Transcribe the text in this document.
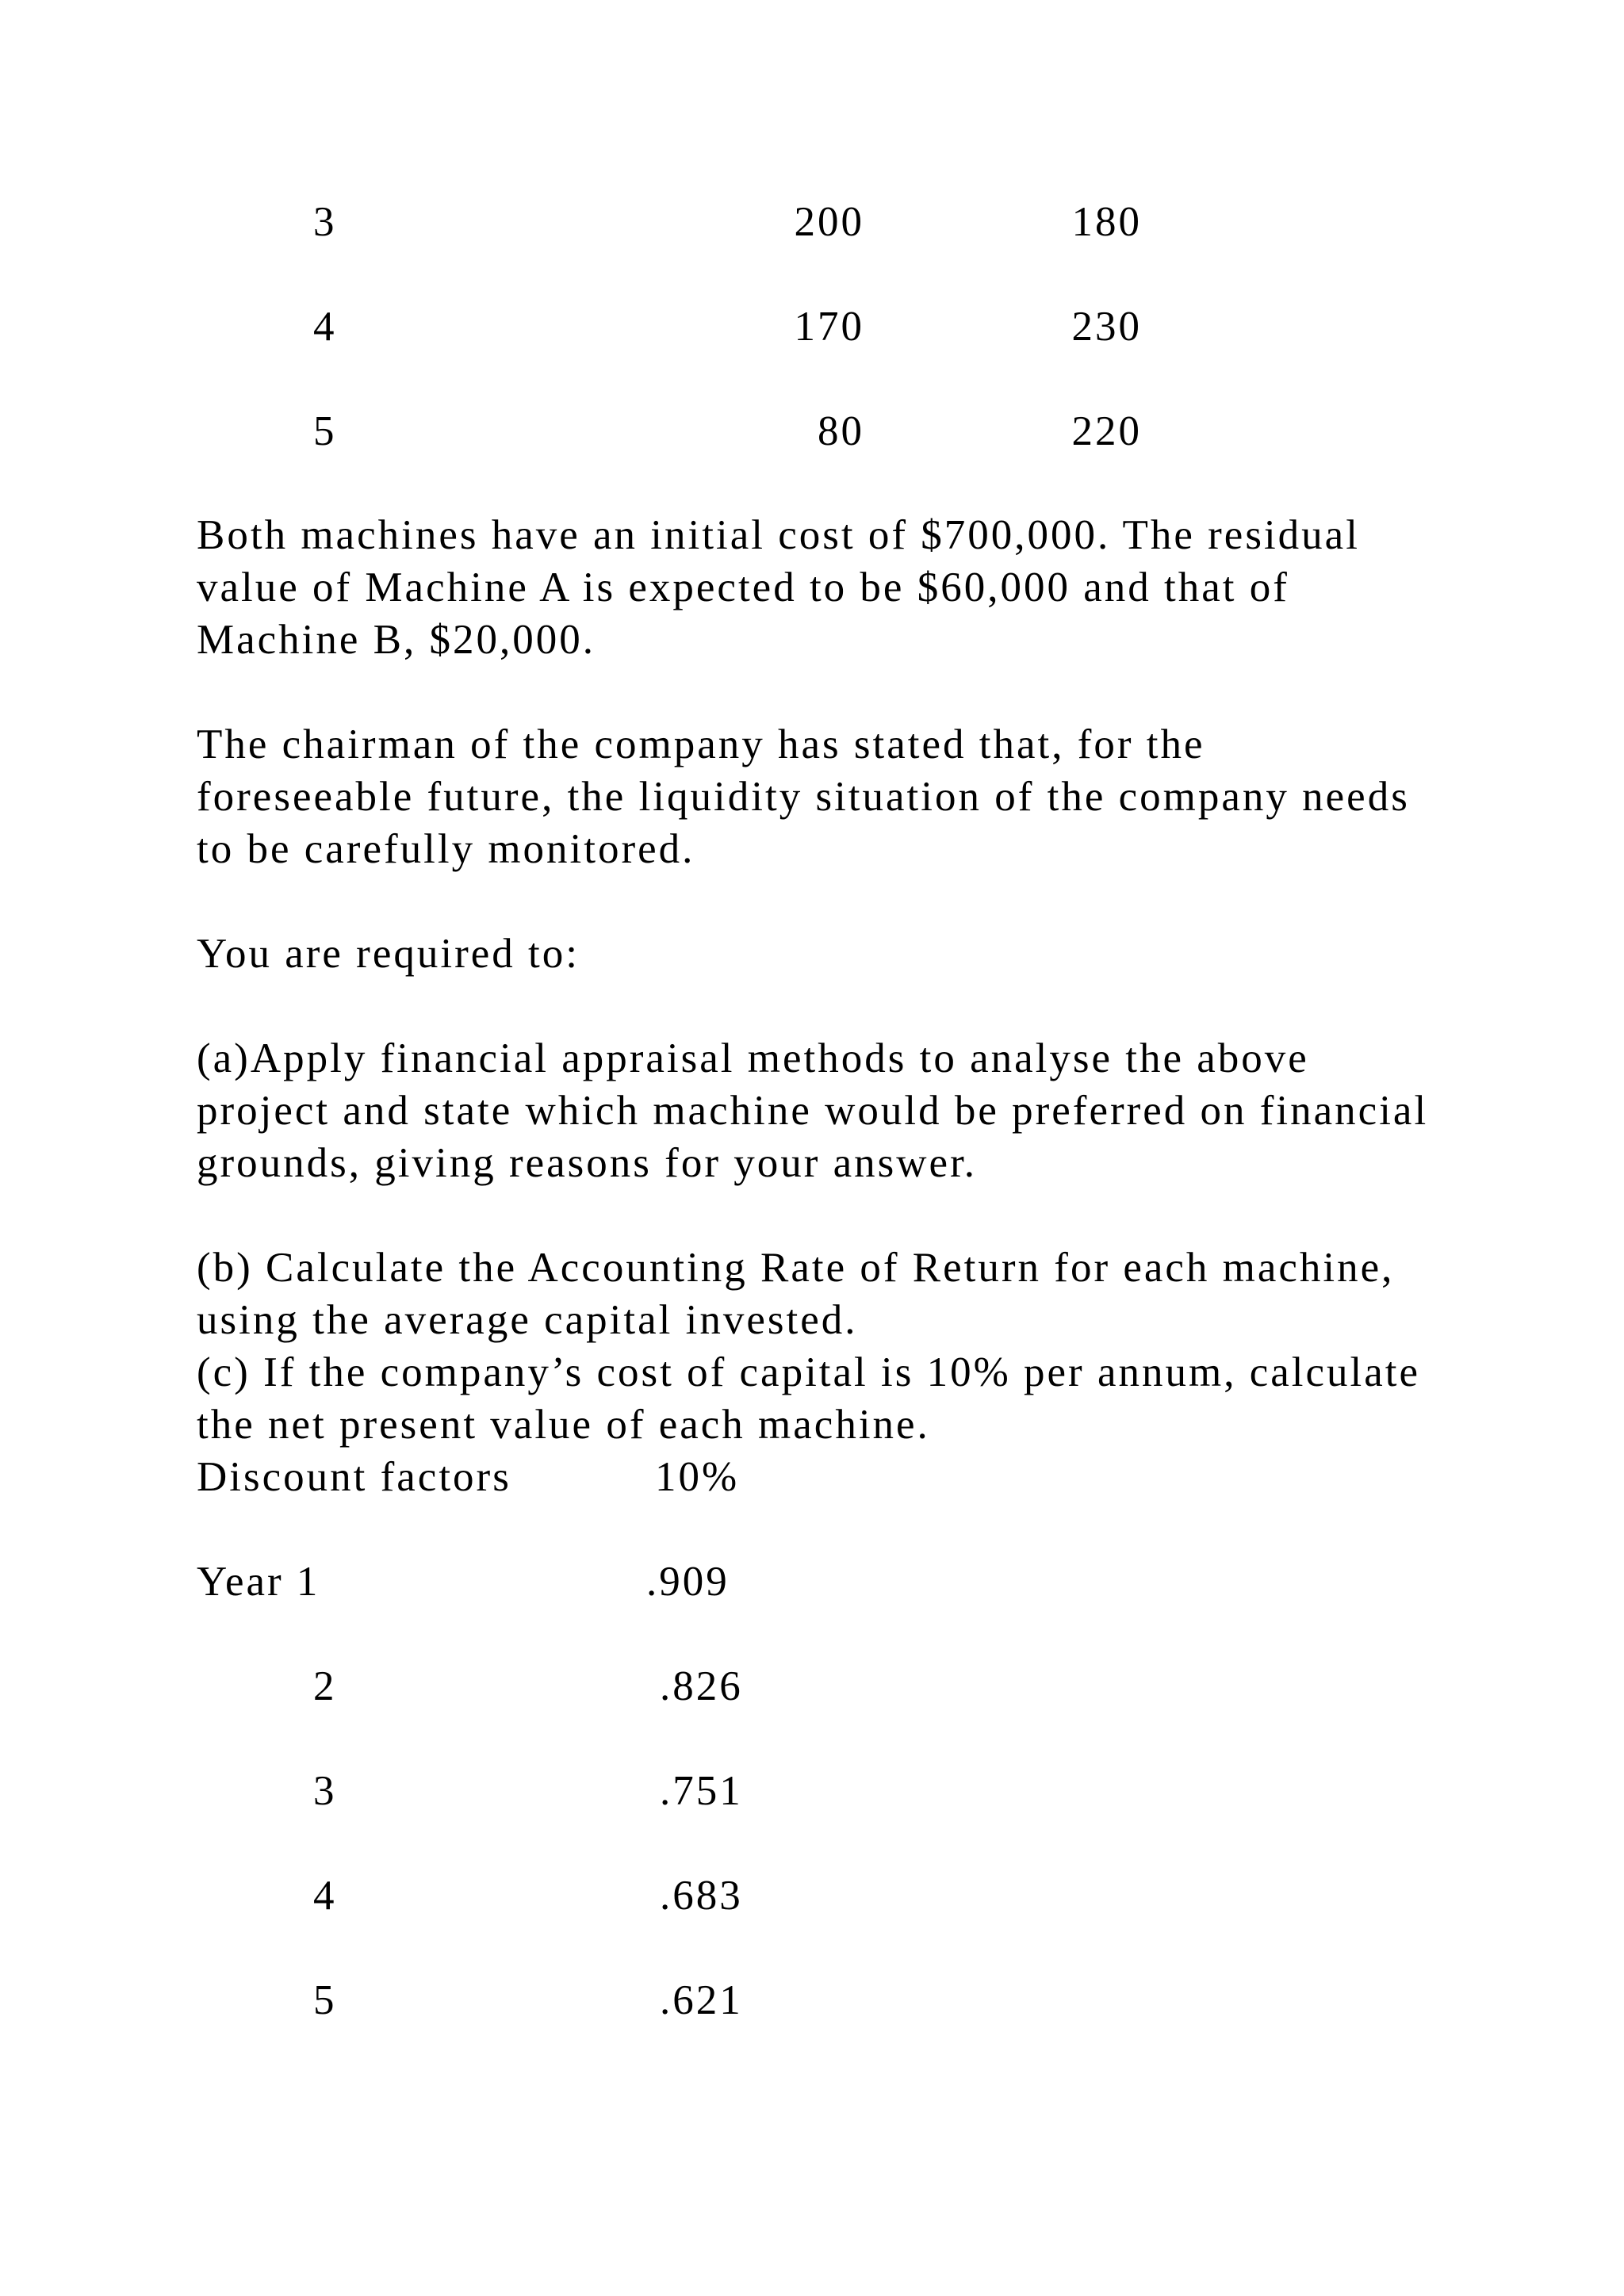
3	200	180
4	170	230
5	80	220
Both machines have an initial cost of $700,000. The residual
value of Machine A is expected to be $60,000 and that of
Machine B, $20,000.
The chairman of the company has stated that, for the
foreseeable future, the liquidity situation of the company needs
to be carefully monitored.
You are required to:
(a)Apply financial appraisal methods to analyse the above
project and state which machine would be preferred on financial
grounds, giving reasons for your answer.
(b) Calculate the Accounting Rate of Return for each machine,
using the average capital invested.
(c) If the company’s cost of capital is 10% per annum, calculate
the net present value of each machine.
Discount factors	10%
Year 1	.909
2	.826
3	.751
4	.683
5	.621
